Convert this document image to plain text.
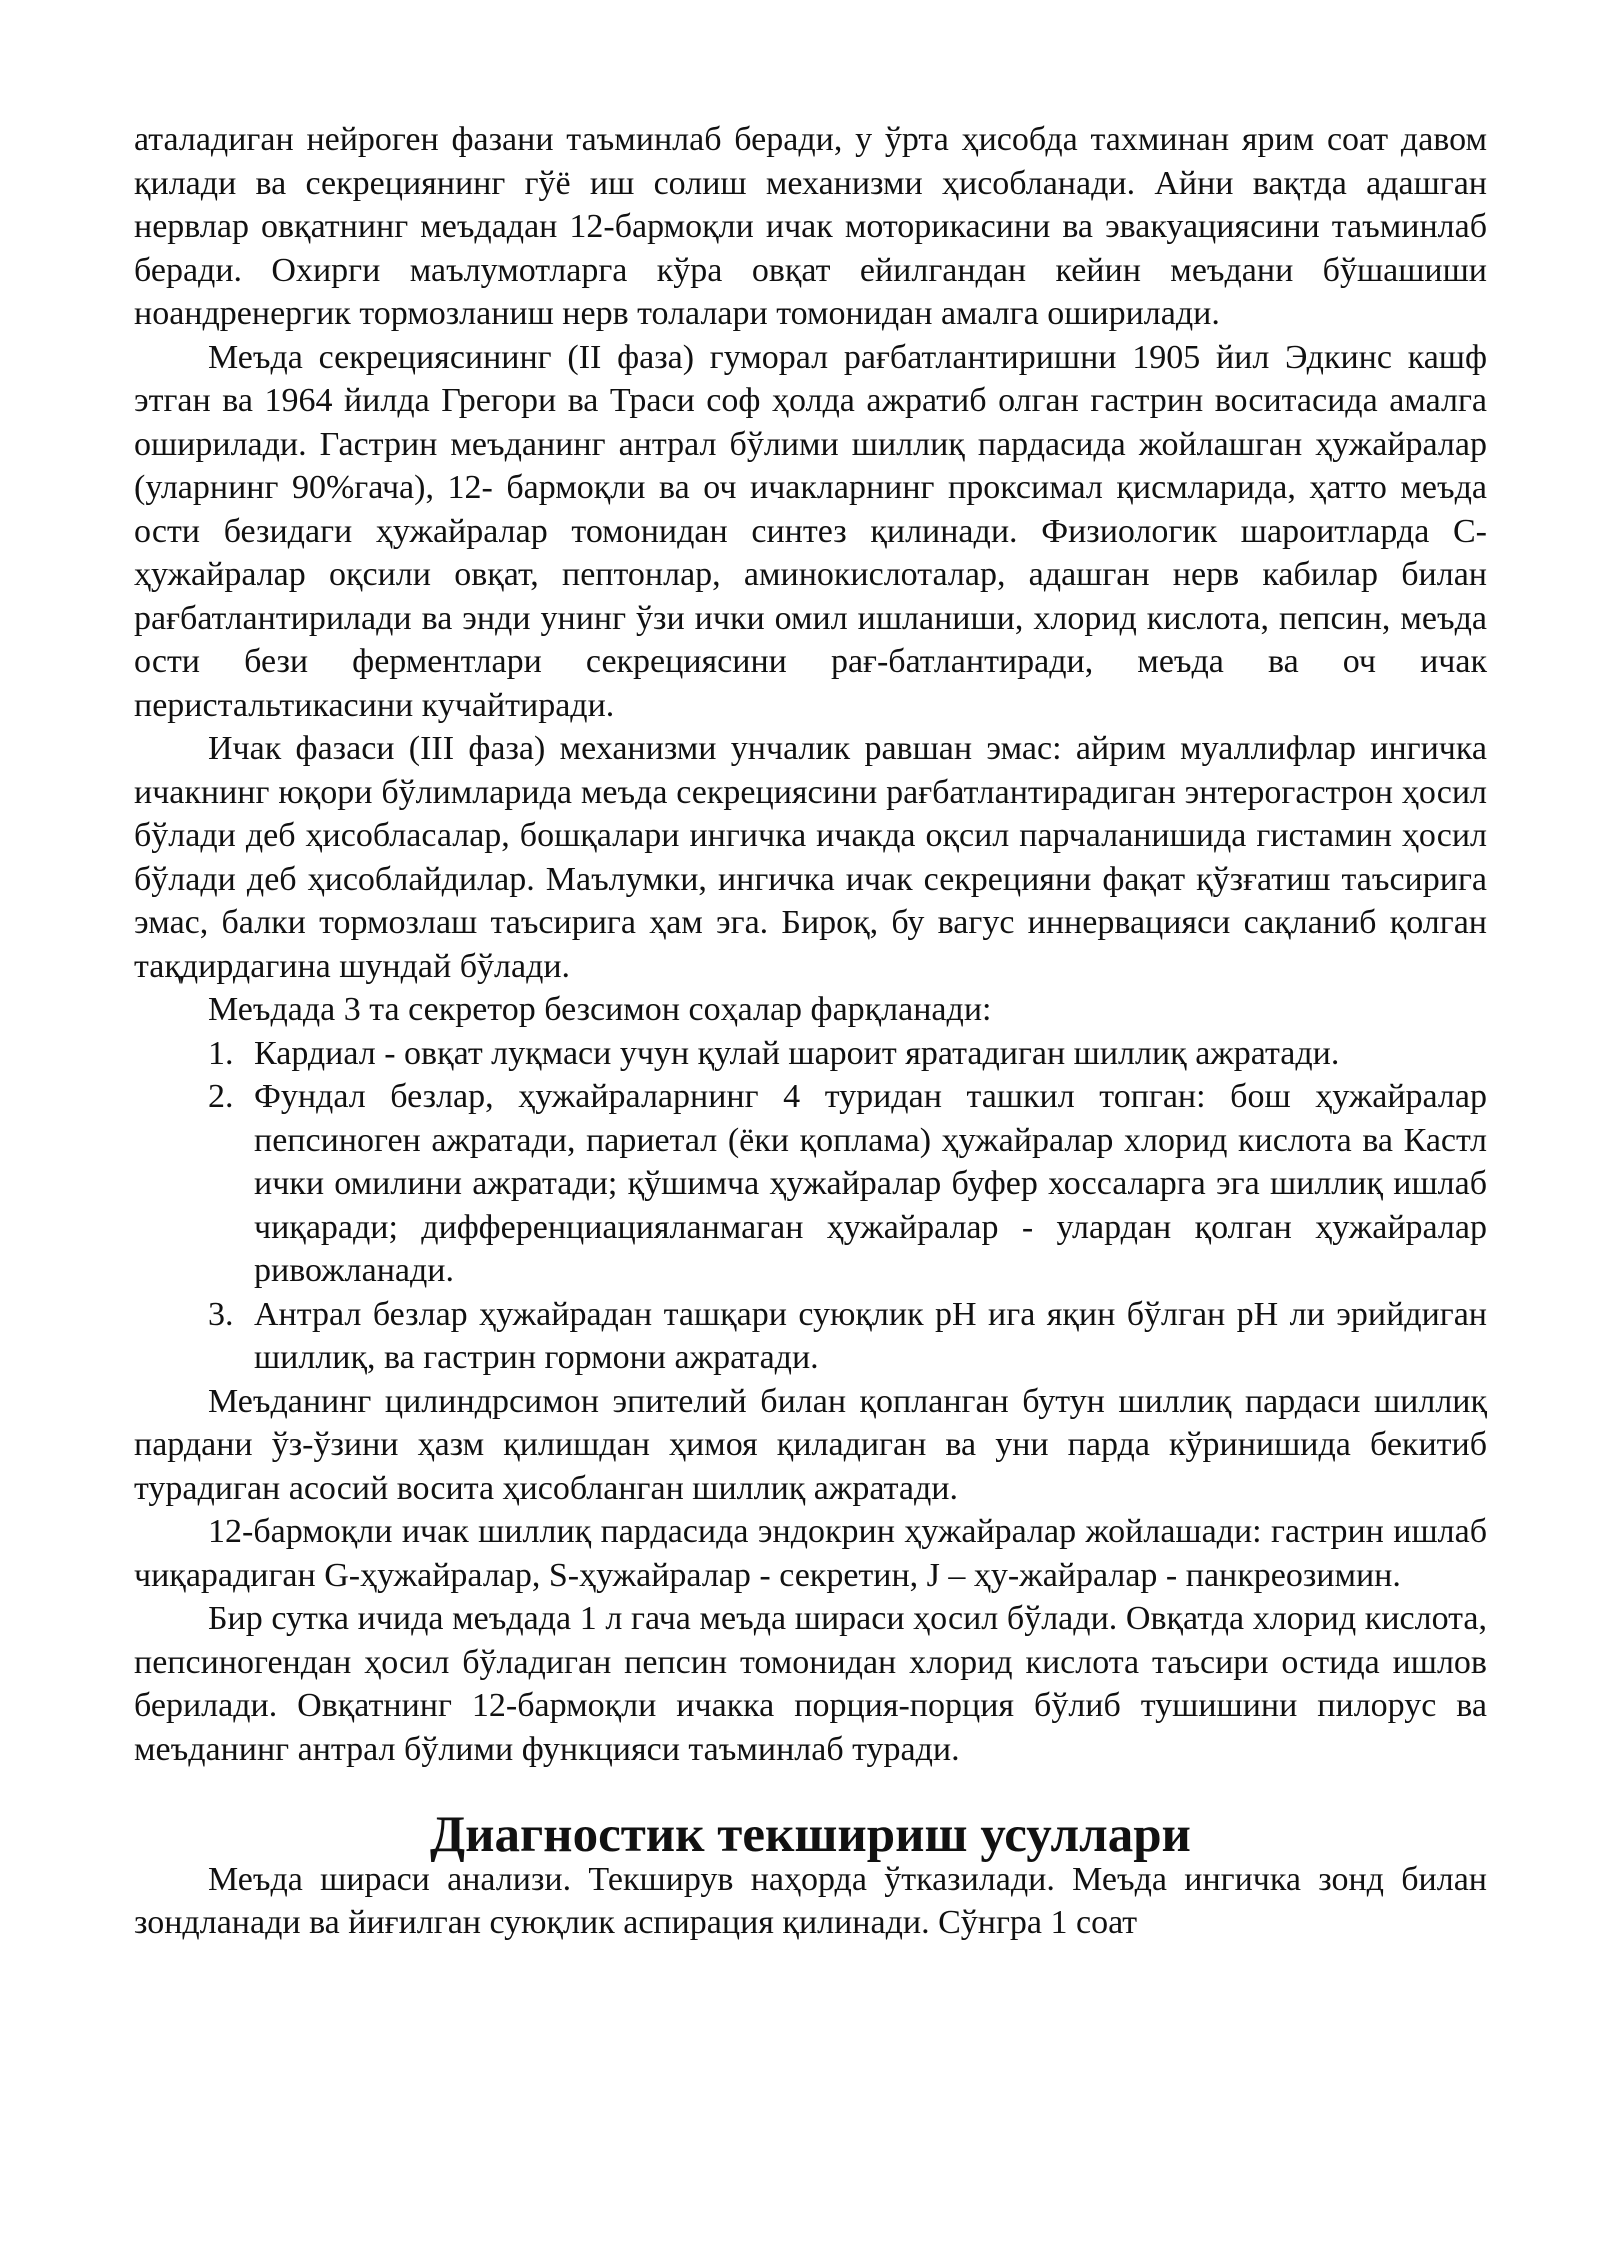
аталадиган нейроген фазани таъминлаб беради, у ўрта ҳисобда тахминан ярим соат давом қилади ва секрециянинг гўё иш солиш механизми ҳисобланади. Айни вақтда адашган нервлар овқатнинг меъдадан 12-бармоқли ичак моторикасини ва эвакуациясини таъминлаб беради. Охирги маълумотларга кўра овқат ейилгандан кейин меъдани бўшашиши ноандренергик тормозланиш нерв толалари томонидан амалга оширилади.

Меъда секрециясининг (II фаза) гуморал рағбатлантиришни 1905 йил Эдкинс кашф этган ва 1964 йилда Грегори ва Траси соф ҳолда ажратиб олган гастрин воситасида амалга оширилади. Гастрин меъданинг антрал бўлими шиллиқ пардасида жойлашган ҳужайралар (уларнинг 90%гача), 12- бармоқли ва оч ичакларнинг проксимал қисмларида, ҳатто меъда ости безидаги ҳужайралар томонидан синтез қилинади. Физиологик шароитларда С-ҳужайралар оқсили овқат, пептонлар, аминокислоталар, адашган нерв кабилар билан рағбатлантирилади ва энди унинг ўзи ички омил ишланиши, хлорид кислота, пепсин, меъда ости бези ферментлари секрециясини рағ-батлантиради, меъда ва оч ичак перистальтикасини кучайтиради.

Ичак фазаси (III фаза) механизми унчалик равшан эмас: айрим муаллифлар ингичка ичакнинг юқори бўлимларида меъда секрециясини рағбатлантирадиган энтерогастрон ҳосил бўлади деб ҳисобласалар, бошқалари ингичка ичакда оқсил парчаланишида гистамин ҳосил бўлади деб ҳисоблайдилар. Маълумки, ингичка ичак секрецияни фақат қўзғатиш таъсирига эмас, балки тормозлаш таъсирига ҳам эга. Бироқ, бу вагус иннервацияси сақланиб қолган тақдирдагина шундай бўлади.

Меъдада 3 та секретор безсимон соҳалар фарқланади:

1. Кардиал - овқат луқмаси учун қулай шароит яратадиган шиллиқ ажратади.
2. Фундал безлар, ҳужайраларнинг 4 туридан ташкил топган: бош ҳужайралар пепсиноген ажратади, париетал (ёки қоплама) ҳужайралар хлорид кислота ва Кастл ички омилини ажратади; қўшимча ҳужайралар буфер хоссаларга эга шиллиқ ишлаб чиқаради; дифференциацияланмаган ҳужайралар - улардан қолган ҳужайралар ривожланади.
3. Антрал безлар ҳужайрадан ташқари суюқлик pH ига яқин бўлган pH ли эрийдиган шиллиқ, ва гастрин гормони ажратади.

Меъданинг цилиндрсимон эпителий билан қопланган бутун шиллиқ пардаси шиллиқ пардани ўз-ўзини ҳазм қилишдан ҳимоя қиладиган ва уни парда кўринишида бекитиб турадиган асосий восита ҳисобланган шиллиқ ажратади.

12-бармоқли ичак шиллиқ пардасида эндокрин ҳужайралар жойлашади: гастрин ишлаб чиқарадиган G-ҳужайралар, S-ҳужайралар - секретин, J – ҳу-жайралар - панкреозимин.

Бир сутка ичида меъдада 1 л гача меъда шираси ҳосил бўлади. Овқатда хлорид кислота, пепсиногендан ҳосил бўладиган пепсин томонидан хлорид кислота таъсири остида ишлов берилади. Овқатнинг 12-бармоқли ичакка порция-порция бўлиб тушишини пилорус ва меъданинг антрал бўлими функцияси таъминлаб туради.

Диагностик текшириш усуллари

Меъда шираси анализи. Текширув наҳорда ўтказилади. Меъда ингичка зонд билан зондланади ва йиғилган суюқлик аспирация қилинади. Сўнгра 1 соат
